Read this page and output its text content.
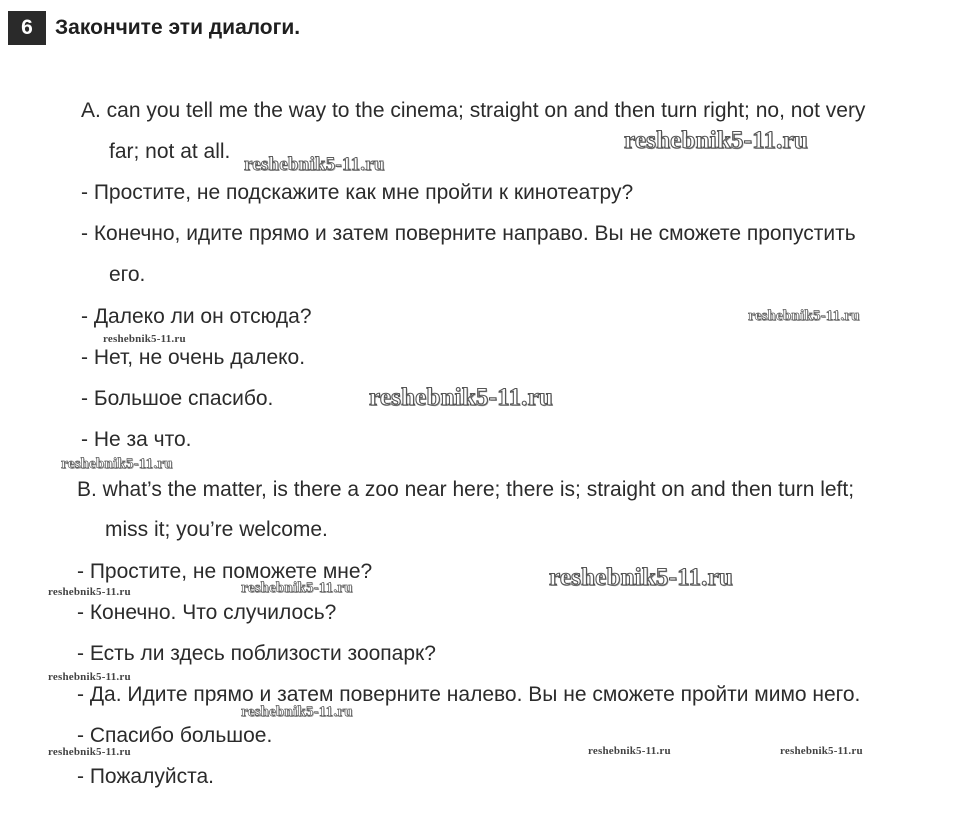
6	Закончите эти диалоги.
A. can you tell me the way to the cinema; straight on and then turn right; no, not very
far; not at all.
- Простите, не подскажите как мне пройти к кинотеатру?
- Конечно, идите прямо и затем поверните направо. Вы не сможете пропустить
его.
- Далеко ли он отсюда?
- Нет, не очень далеко.
- Большое спасибо.
- Не за что.
B. what’s the matter, is there a zoo near here; there is; straight on and then turn left;
miss it; you’re welcome.
- Простите, не поможете мне?
- Конечно. Что случилось?
- Есть ли здесь поблизости зоопарк?
- Да. Идите прямо и затем поверните налево. Вы не сможете пройти мимо него.
- Спасибо большое.
- Пожалуйста.
reshebnik5-11.ru
reshebnik5-11.ru
reshebnik5-11.ru
reshebnik5-11.ru
reshebnik5-11.ru
reshebnik5-11.ru
reshebnik5-11.ru
reshebnik5-11.ru
reshebnik5-11.ru
reshebnik5-11.ru
reshebnik5-11.ru
reshebnik5-11.ru	reshebnik5-11.ru	reshebnik5-11.ru
